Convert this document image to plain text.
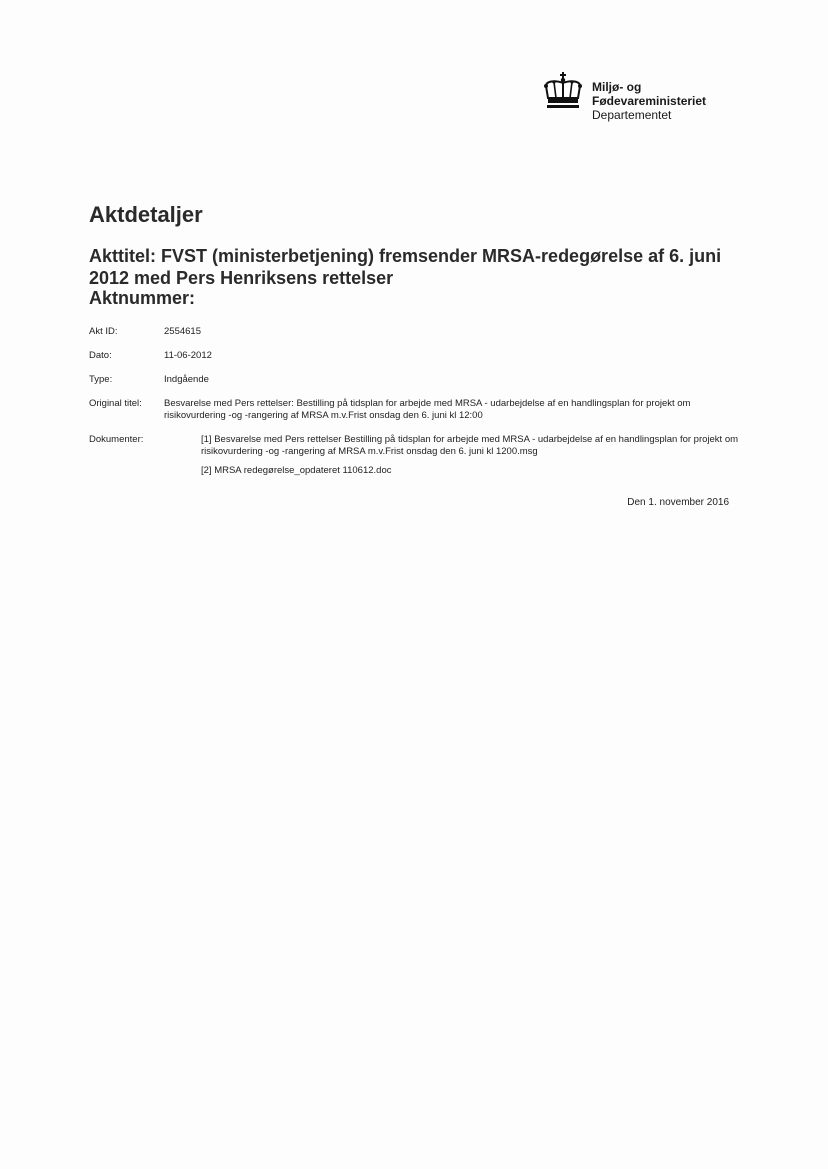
Miljø- og
Fødevareministeriet
Departementet
Aktdetaljer
Akttitel: FVST (ministerbetjening) fremsender MRSA-redegørelse af 6. juni 2012 med Pers Henriksens rettelser
Aktnummer:
Akt ID:	2554615
Dato:	11-06-2012
Type:	Indgående
Original titel: Besvarelse med Pers rettelser: Bestilling på tidsplan for arbejde med MRSA - udarbejdelse af en handlingsplan for projekt om risikovurdering -og -rangering af MRSA m.v.Frist onsdag den 6. juni kl 12:00
Dokumenter:	[1] Besvarelse med Pers rettelser Bestilling på tidsplan for arbejde med MRSA - udarbejdelse af en handlingsplan for projekt om risikovurdering -og -rangering af MRSA m.v.Frist onsdag den 6. juni kl 1200.msg
[2] MRSA redegørelse_opdateret 110612.doc
Den 1. november 2016
